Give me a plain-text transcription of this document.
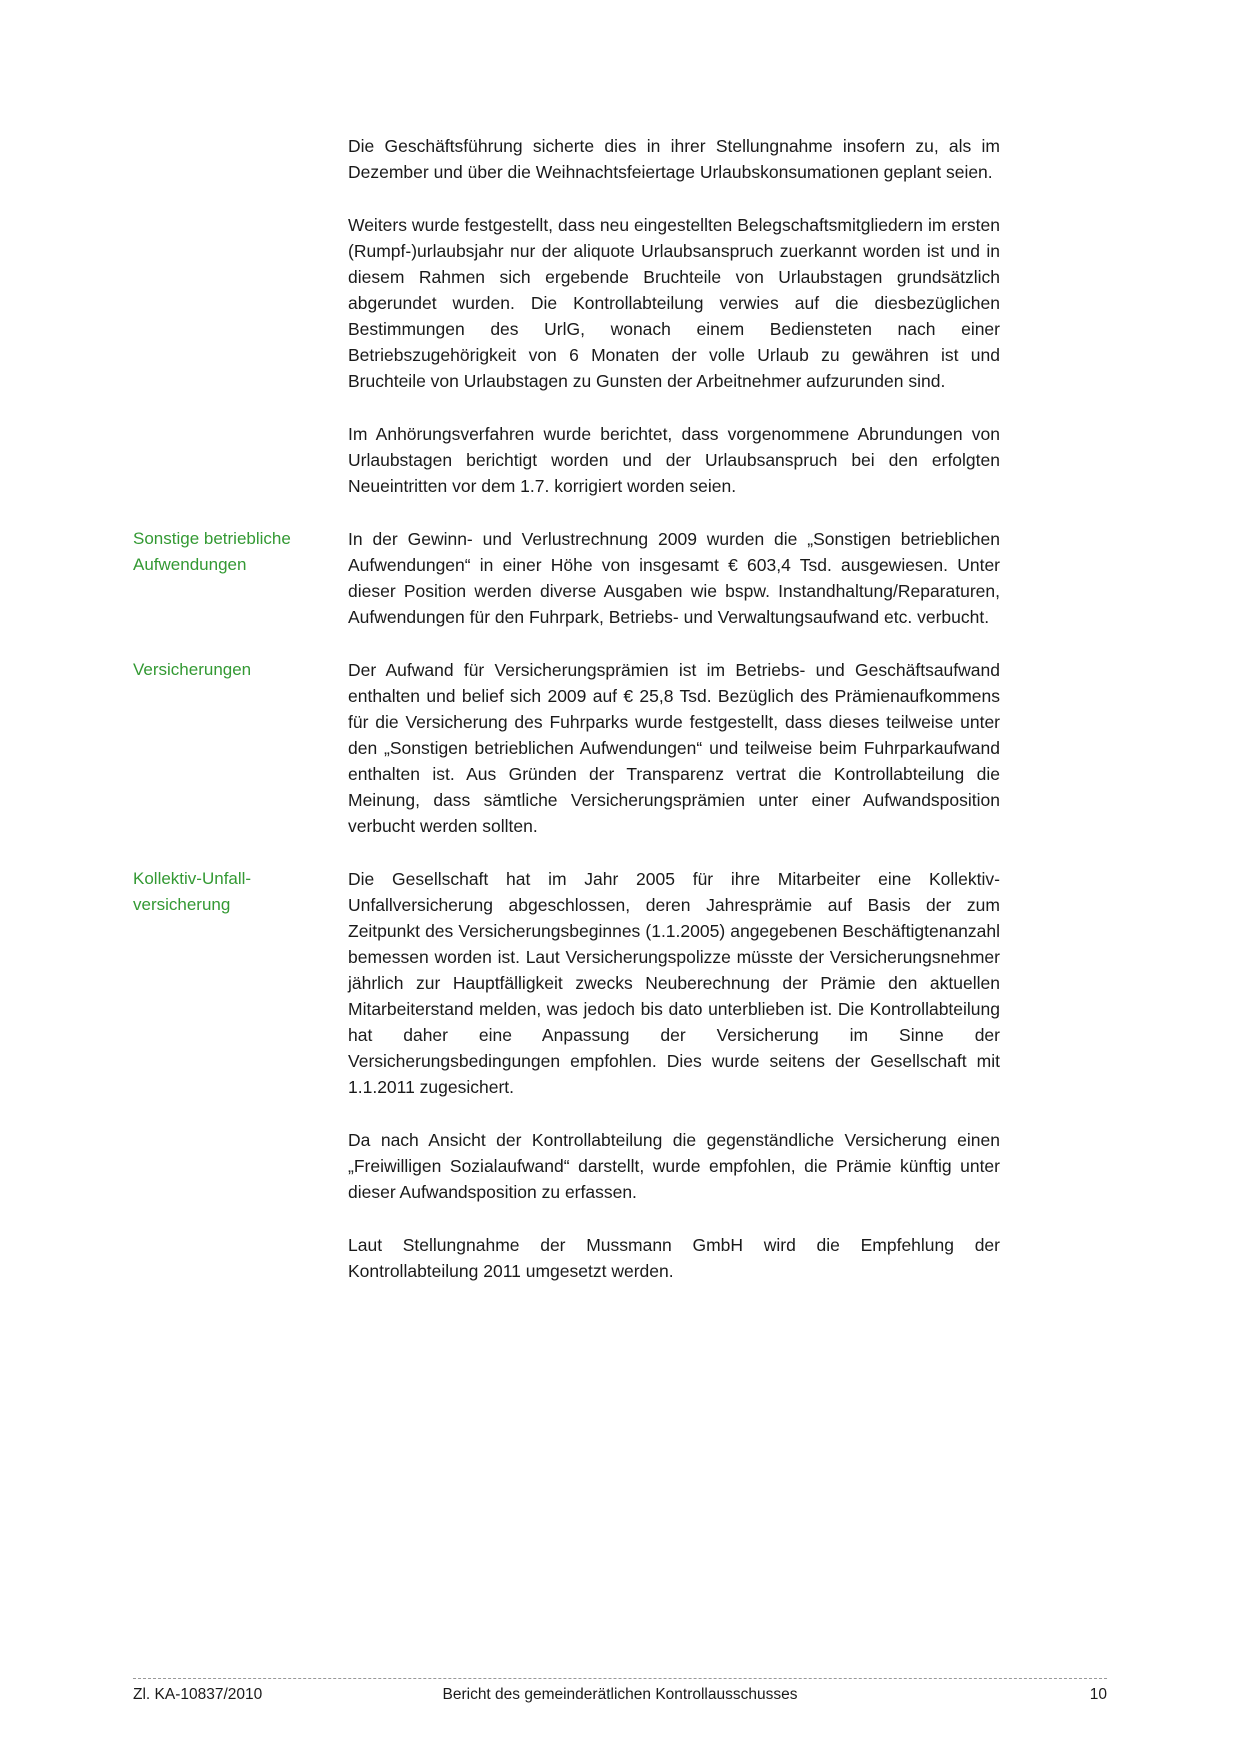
Die Geschäftsführung sicherte dies in ihrer Stellungnahme insofern zu, als im Dezember und über die Weihnachtsfeiertage Urlaubskonsumationen geplant seien.

Weiters wurde festgestellt, dass neu eingestellten Belegschaftsmitgliedern im ersten (Rumpf-)urlaubsjahr nur der aliquote Urlaubsanspruch zuerkannt worden ist und in diesem Rahmen sich ergebende Bruchteile von Urlaubstagen grundsätzlich abgerundet wurden. Die Kontrollabteilung verwies auf die diesbezüglichen Bestimmungen des UrlG, wonach einem Bediensteten nach einer Betriebszugehörigkeit von 6 Monaten der volle Urlaub zu gewähren ist und Bruchteile von Urlaubstagen zu Gunsten der Arbeitnehmer aufzurunden sind.

Im Anhörungsverfahren wurde berichtet, dass vorgenommene Abrundungen von Urlaubstagen berichtigt worden und der Urlaubsanspruch bei den erfolgten Neueintritten vor dem 1.7. korrigiert worden seien.

Sonstige betriebliche
Aufwendungen

In der Gewinn- und Verlustrechnung 2009 wurden die „Sonstigen betrieblichen Aufwendungen“ in einer Höhe von insgesamt € 603,4 Tsd. ausgewiesen. Unter dieser Position werden diverse Ausgaben wie bspw. Instandhaltung/Reparaturen, Aufwendungen für den Fuhrpark, Betriebs- und Verwaltungsaufwand etc. verbucht.

Versicherungen	Der Aufwand für Versicherungsprämien ist im Betriebs- und Geschäftsaufwand enthalten und belief sich 2009 auf € 25,8 Tsd. Bezüglich des Prämienaufkommens für die Versicherung des Fuhrparks wurde festgestellt, dass dieses teilweise unter den „Sonstigen betrieblichen Aufwendungen“ und teilweise beim Fuhrparkaufwand enthalten ist. Aus Gründen der Transparenz vertrat die Kontrollabteilung die Meinung, dass sämtliche Versicherungsprämien unter einer Aufwandsposition verbucht werden sollten.

Kollektiv-Unfall-
versicherung

Die Gesellschaft hat im Jahr 2005 für ihre Mitarbeiter eine Kollektiv-Unfallversicherung abgeschlossen, deren Jahresprämie auf Basis der zum Zeitpunkt des Versicherungsbeginnes (1.1.2005) angegebenen Beschäftigtenanzahl bemessen worden ist. Laut Versicherungspolizze müsste der Versicherungsnehmer jährlich zur Hauptfälligkeit zwecks Neuberechnung der Prämie den aktuellen Mitarbeiterstand melden, was jedoch bis dato unterblieben ist. Die Kontrollabteilung hat daher eine Anpassung der Versicherung im Sinne der Versicherungsbedingungen empfohlen. Dies wurde seitens der Gesellschaft mit 1.1.2011 zugesichert.

Da nach Ansicht der Kontrollabteilung die gegenständliche Versicherung einen „Freiwilligen Sozialaufwand“ darstellt, wurde empfohlen, die Prämie künftig unter dieser Aufwandsposition zu erfassen.

Laut Stellungnahme der Mussmann GmbH wird die Empfehlung der Kontrollabteilung 2011 umgesetzt werden.

Zl. KA-10837/2010	Bericht des gemeinderätlichen Kontrollausschusses	10
